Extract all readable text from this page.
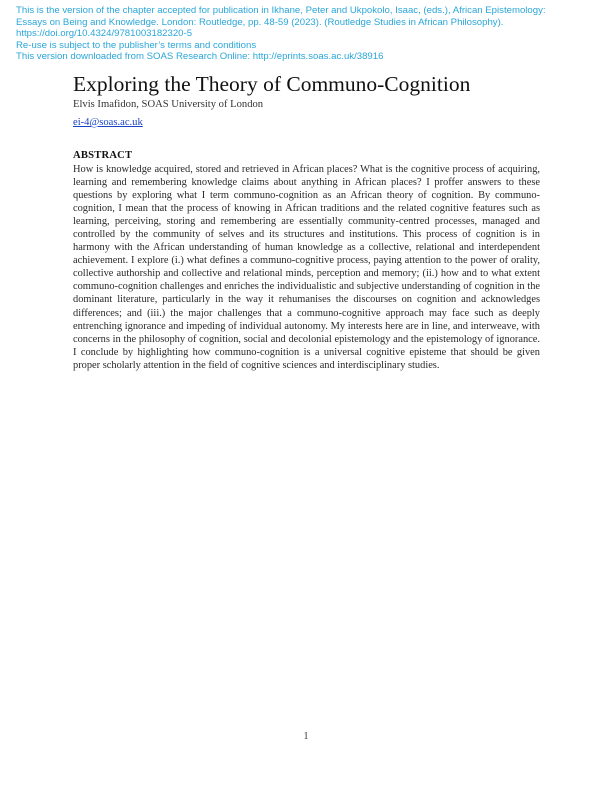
This is the version of the chapter accepted for publication in Ikhane, Peter and Ukpokolo, Isaac, (eds.), African Epistemology: Essays on Being and Knowledge. London: Routledge, pp. 48-59 (2023). (Routledge Studies in African Philosophy). https://doi.org/10.4324/9781003182320-5
Re-use is subject to the publisher’s terms and conditions
This version downloaded from SOAS Research Online: http://eprints.soas.ac.uk/38916
Exploring the Theory of Communo-Cognition
Elvis Imafidon, SOAS University of London
ei-4@soas.ac.uk
ABSTRACT

How is knowledge acquired, stored and retrieved in African places? What is the cognitive process of acquiring, learning and remembering knowledge claims about anything in African places? I proffer answers to these questions by exploring what I term communo-cognition as an African theory of cognition. By communo-cognition, I mean that the process of knowing in African traditions and the related cognitive features such as learning, perceiving, storing and remembering are essentially community-centred processes, managed and controlled by the community of selves and its structures and institutions. This process of cognition is in harmony with the African understanding of human knowledge as a collective, relational and interdependent achievement. I explore (i.) what defines a communo-cognitive process, paying attention to the power of orality, collective authorship and collective and relational minds, perception and memory; (ii.) how and to what extent communo-cognition challenges and enriches the individualistic and subjective understanding of cognition in the dominant literature, particularly in the way it rehumanises the discourses on cognition and acknowledges differences; and (iii.) the major challenges that a communo-cognitive approach may face such as deeply entrenching ignorance and impeding of individual autonomy. My interests here are in line, and interweave, with concerns in the philosophy of cognition, social and decolonial epistemology and the epistemology of ignorance. I conclude by highlighting how communo-cognition is a universal cognitive episteme that should be given proper scholarly attention in the field of cognitive sciences and interdisciplinary studies.

1
